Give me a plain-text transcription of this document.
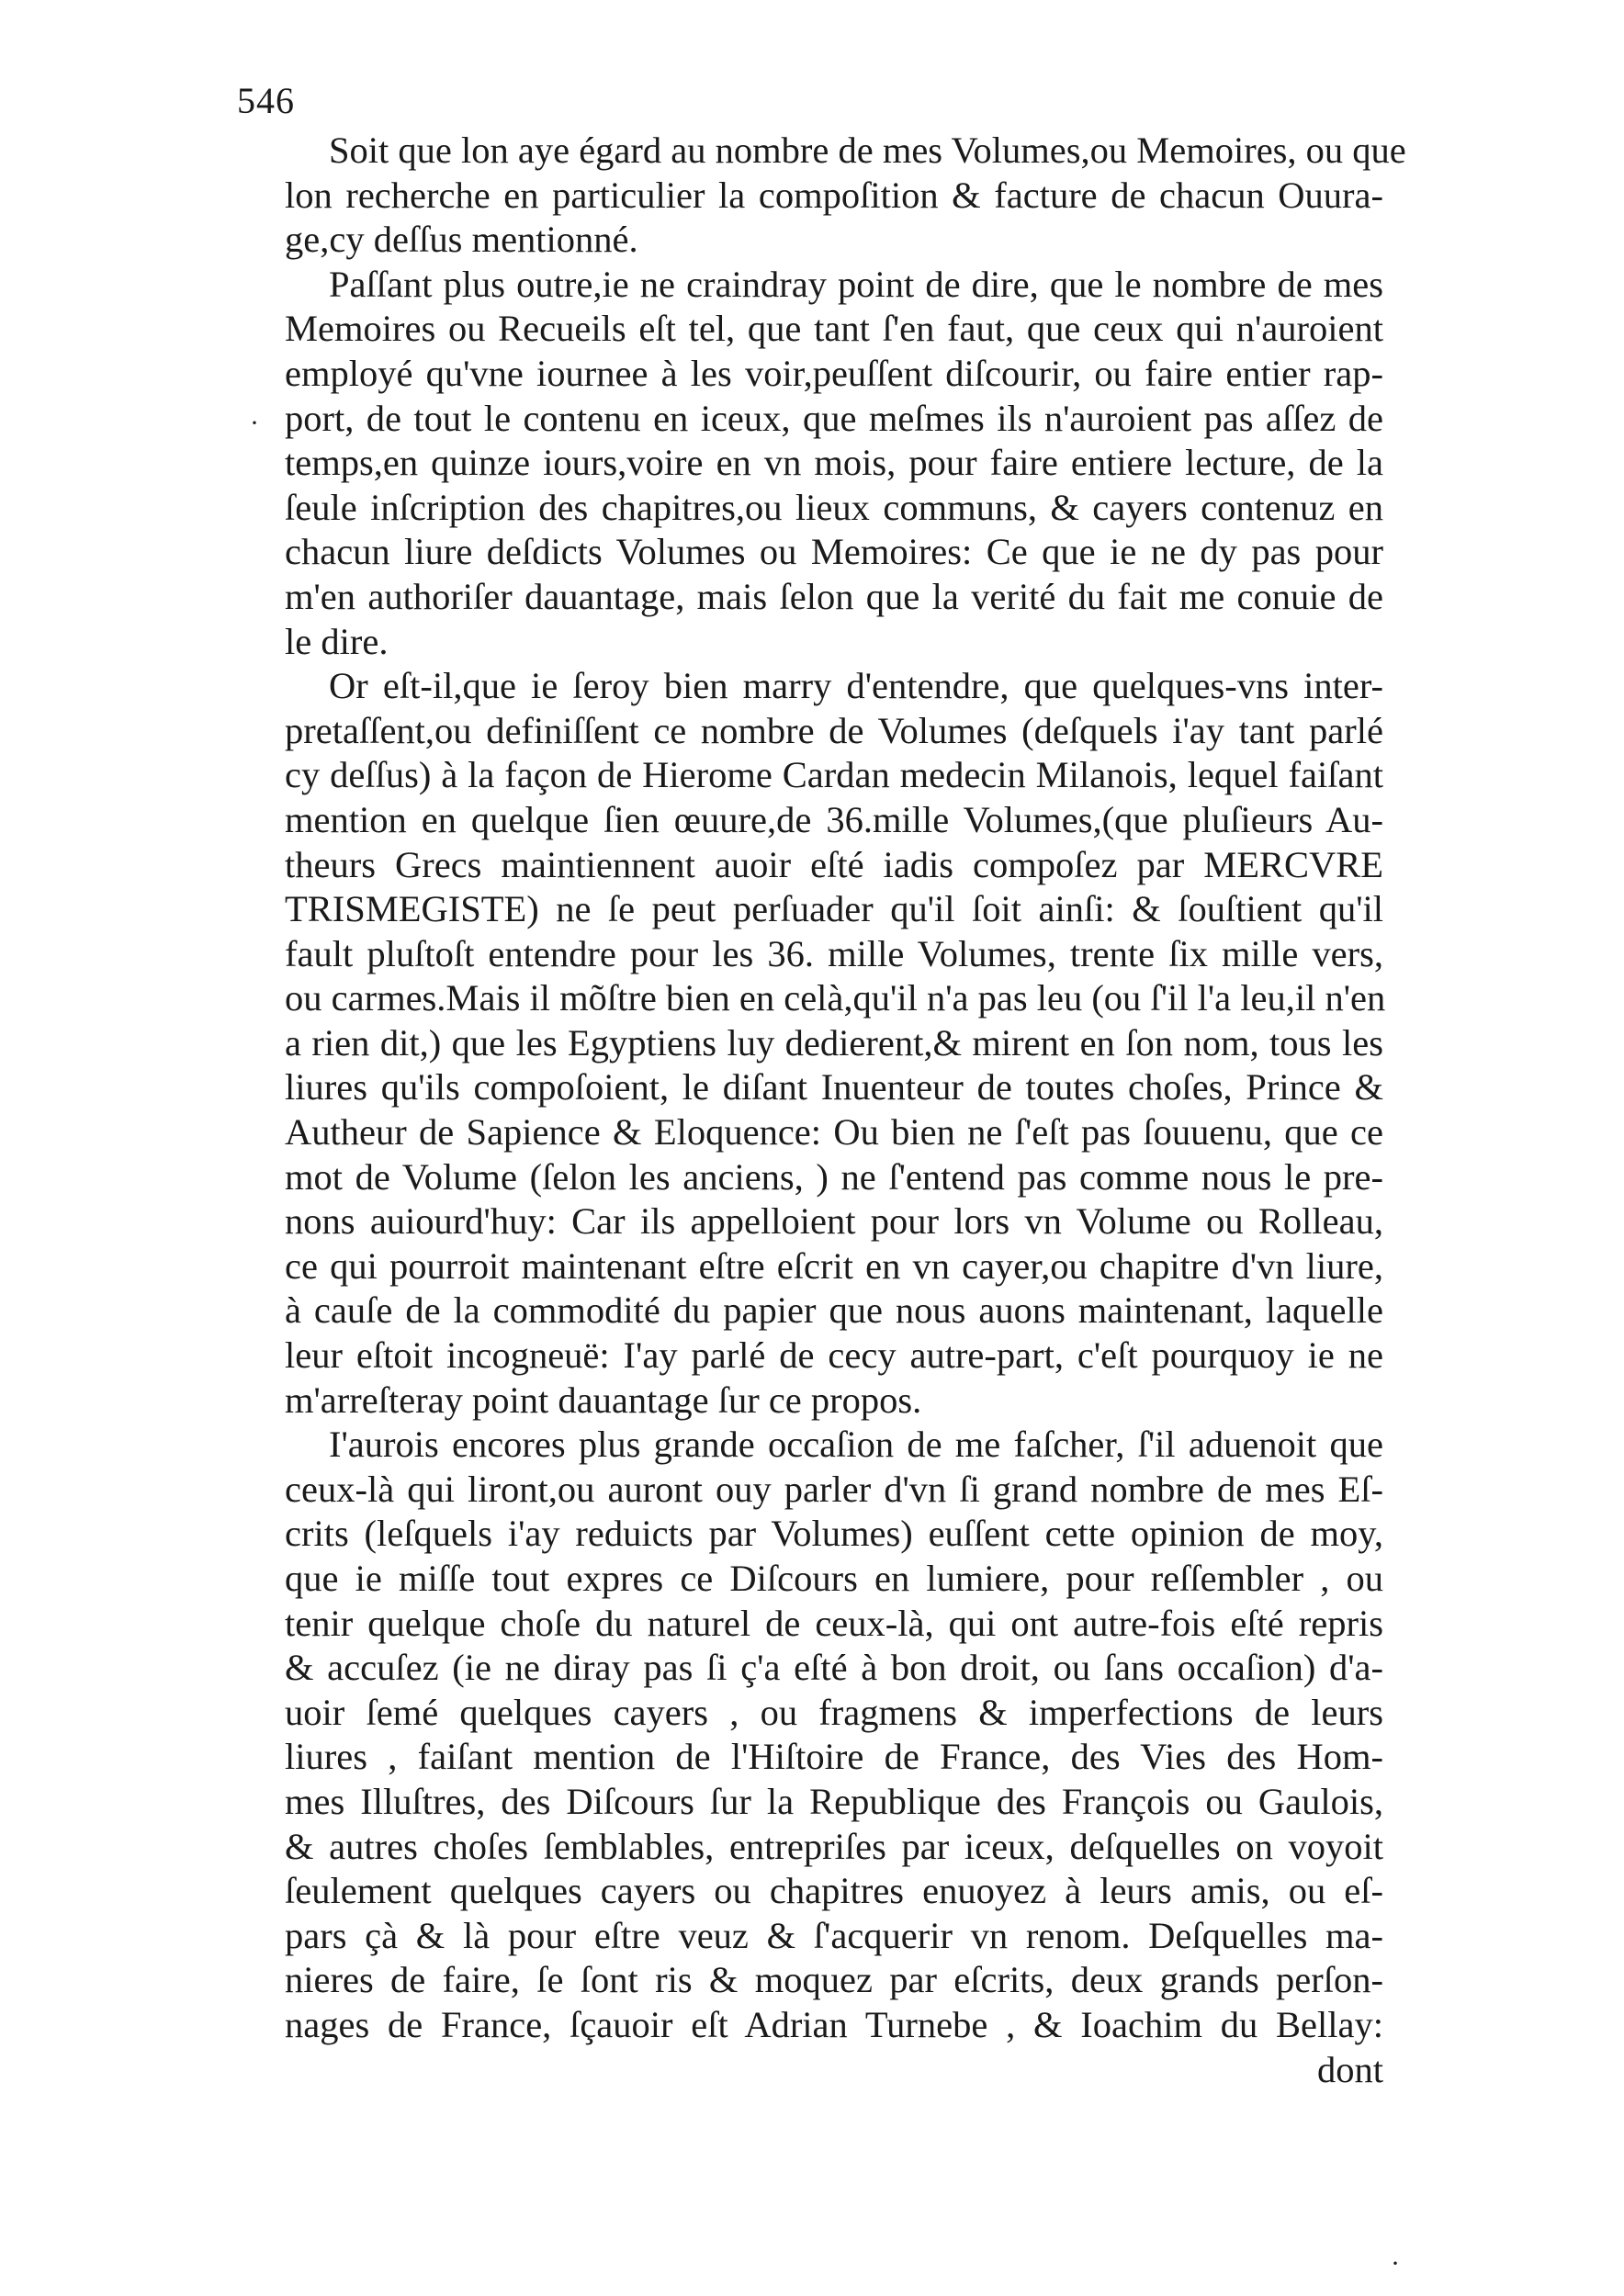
546
·
·

Soit que lon aye égard au nombre de mes Volumes,ou Memoires, ou que
lon recherche en particulier la compoſition & facture de chacun Ouura-
ge,cy deſſus mentionné.

Paſſant plus outre,ie ne craindray point de dire, que le nombre de mes
Memoires ou Recueils eſt tel, que tant ſ'en faut, que ceux qui n'auroient
employé qu'vne iournee à les voir,peuſſent diſcourir, ou faire entier rap-
port, de tout le contenu en iceux, que meſmes ils n'auroient pas aſſez de
temps,en quinze iours,voire en vn mois, pour faire entiere lecture, de la
ſeule inſcription des chapitres,ou lieux communs, & cayers contenuz en
chacun liure deſdicts Volumes ou Memoires: Ce que ie ne dy pas pour
m'en authoriſer dauantage, mais ſelon que la verité du fait me conuie de
le dire.

Or eſt-il,que ie ſeroy bien marry d'entendre, que quelques-vns inter-
pretaſſent,ou definiſſent ce nombre de Volumes (deſquels i'ay tant parlé
cy deſſus) à la façon de Hierome Cardan medecin Milanois, lequel faiſant
mention en quelque ſien œuure,de 36.mille Volumes,(que pluſieurs Au-
theurs Grecs maintiennent auoir eſté iadis compoſez par MERCVRE
TRISMEGISTE) ne ſe peut perſuader qu'il ſoit ainſi: & ſouſtient qu'il
fault pluſtoſt entendre pour les 36. mille Volumes, trente ſix mille vers,
ou carmes.Mais il mõſtre bien en celà,qu'il n'a pas leu (ou ſ'il l'a leu,il n'en
a rien dit,) que les Egyptiens luy dedierent,& mirent en ſon nom, tous les
liures qu'ils compoſoient, le diſant Inuenteur de toutes choſes, Prince &
Autheur de Sapience & Eloquence: Ou bien ne ſ'eſt pas ſouuenu, que ce
mot de Volume (ſelon les anciens, ) ne ſ'entend pas comme nous le pre-
nons auiourd'huy: Car ils appelloient pour lors vn Volume ou Rolleau,
ce qui pourroit maintenant eſtre eſcrit en vn cayer,ou chapitre d'vn liure,
à cauſe de la commodité du papier que nous auons maintenant, laquelle
leur eſtoit incogneuë: I'ay parlé de cecy autre-part, c'eſt pourquoy ie ne
m'arreſteray point dauantage ſur ce propos.

I'aurois encores plus grande occaſion de me faſcher, ſ'il aduenoit que
ceux-là qui liront,ou auront ouy parler d'vn ſi grand nombre de mes Eſ-
crits (leſquels i'ay reduicts par Volumes) euſſent cette opinion de moy,
que ie miſſe tout expres ce Diſcours en lumiere, pour reſſembler , ou
tenir quelque choſe du naturel de ceux-là, qui ont autre-fois eſté repris
& accuſez (ie ne diray pas ſi ç'a eſté à bon droit, ou ſans occaſion) d'a-
uoir ſemé quelques cayers , ou fragmens & imperfections de leurs
liures , faiſant mention de l'Hiſtoire de France, des Vies des Hom-
mes Illuſtres, des Diſcours ſur la Republique des François ou Gaulois,
& autres choſes ſemblables, entrepriſes par iceux, deſquelles on voyoit
ſeulement quelques cayers ou chapitres enuoyez à leurs amis, ou eſ-
pars çà & là pour eſtre veuz & ſ'acquerir vn renom. Deſquelles ma-
nieres de faire, ſe ſont ris & moquez par eſcrits, deux grands perſon-
nages de France, ſçauoir eſt Adrian Turnebe , & Ioachim du Bellay:

dont
